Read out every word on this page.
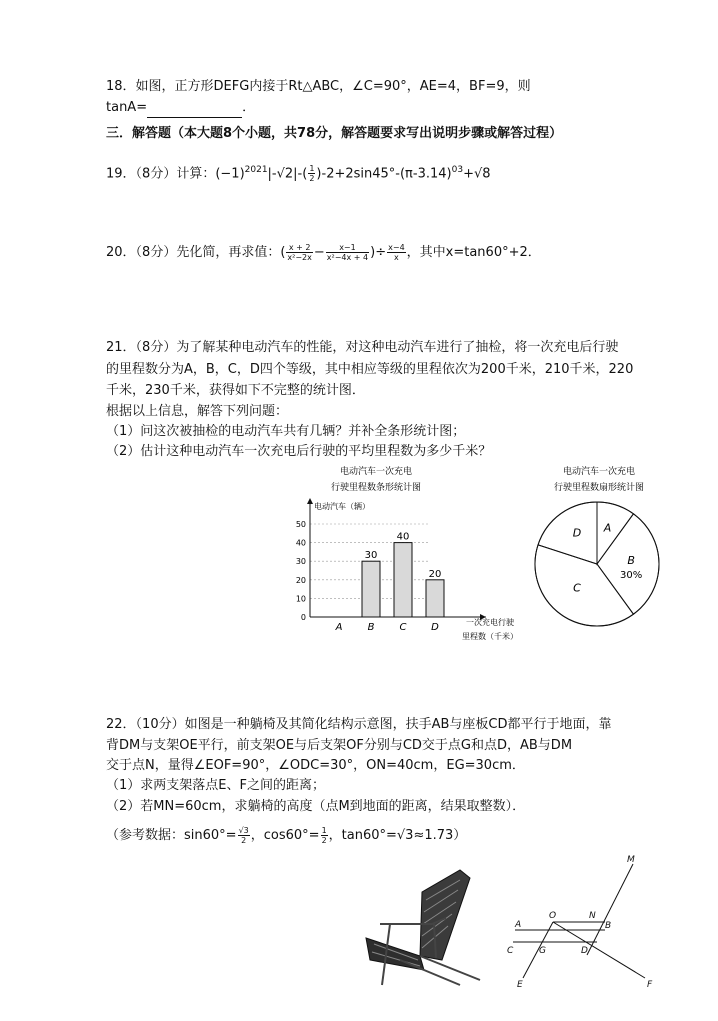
18．如图，正方形DEFG内接于Rt△ABC，∠C=90°，AE=4，BF=9，则
tanA=	．
三．解答题（本大题8个小题，共78分，解答题要求写出说明步骤或解答过程）
19．（8分）计算：$(-1)^{2021}|-√2|-( \frac{1}{2} )-2+2\sin 45^\circ-(\pi-3.14)^{03}+√8$
20．（8分）先化简，再求值：( $\frac{x + 2}{\text{x²−2x}} - \frac{x-1}{\text{x²−4x + 4}}$ )÷ $\frac{x-4}{x}$ ，其中x=tan60°+2．
21．（8分）为了解某种电动汽车的性能，对这种电动汽车进行了抽检，将一次充电后行驶
的里程数分为A，B，C，D四个等级，其中相应等级的里程依次为200千米，210千米，220
千米，230千米，获得如下不完整的统计图．
根据以上信息，解答下列问题：
（1）问这次被抽检的电动汽车共有几辆？并补全条形统计图；
（2）估计这种电动汽车一次充电后行驶的平均里程数为多少千米？
电动汽车一次充电
行驶里程数条形统计图
电动汽车（辆）
0
10
20
30
40
50
30
40
20
A	B	C D	一次充电行驶
里程数（千米）
电动汽车一次充电
行驶里程数扇形统计图
A
B
30%
C
D
22．（10分）如图是一种躺椅及其简化结构示意图，扶手AB与座板CD都平行于地面，靠
背DM与支架OE平行，前支架OE与后支架OF分别与CD交于点G和点D，AB与DM
交于点N，量得∠EOF=90°，∠ODC=30°，ON=40cm，EG=30cm．
（1）求两支架落点E、F之间的距离；
（2）若MN=60cm，求躺椅的高度（点M到地面的距离，结果取整数）．
（参考数据：$\sin 60^\circ= \frac{√3}{2}$ ，$\cos 60^\circ= \frac{1}{2}$ ，tan60°=√3≈1.73）
M
O	N
A	B
C	G	D
E	F
